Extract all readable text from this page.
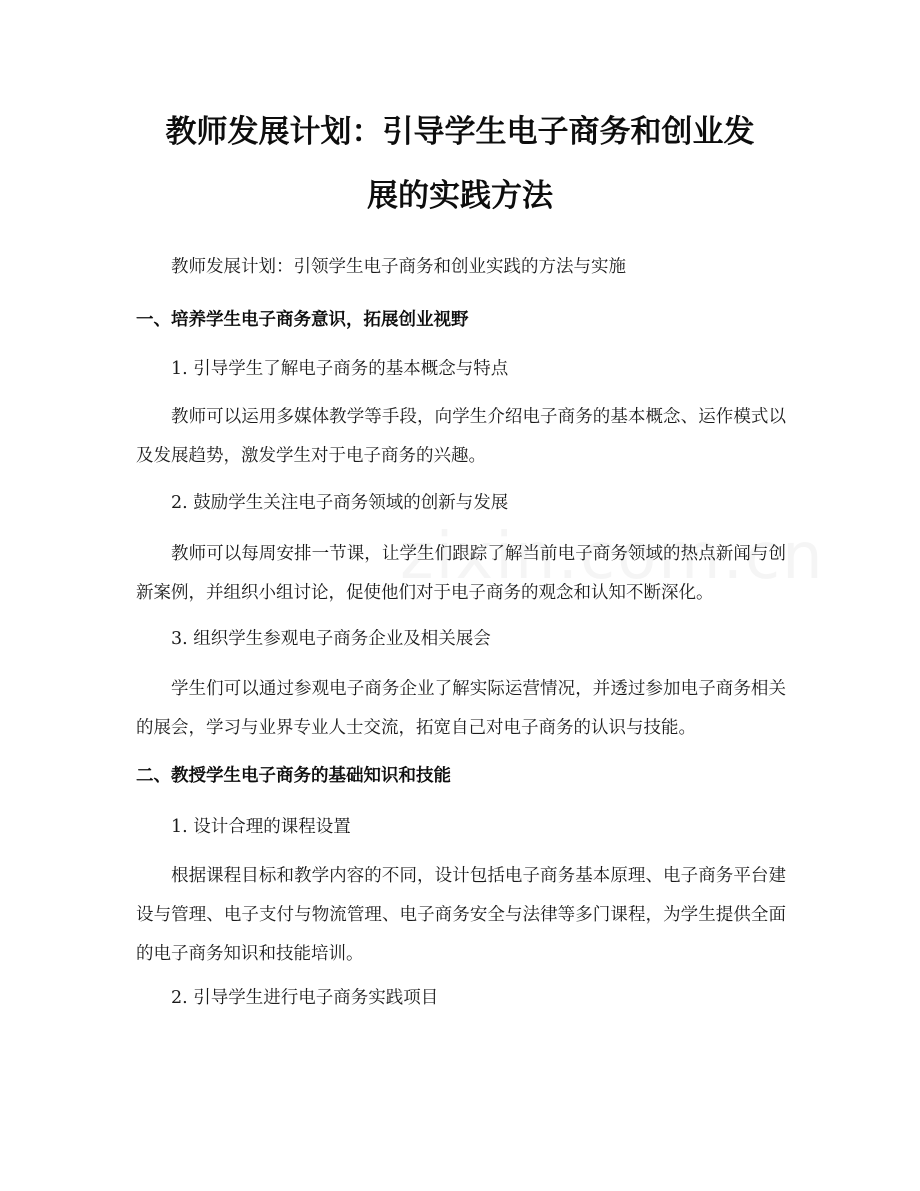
教师发展计划：引导学生电子商务和创业发
展的实践方法

教师发展计划：引领学生电子商务和创业实践的方法与实施

一、培养学生电子商务意识，拓展创业视野

1. 引导学生了解电子商务的基本概念与特点

教师可以运用多媒体教学等手段，向学生介绍电子商务的基本概念、运作模式以及发展趋势，激发学生对于电子商务的兴趣。

2. 鼓励学生关注电子商务领域的创新与发展

教师可以每周安排一节课，让学生们跟踪了解当前电子商务领域的热点新闻与创新案例，并组织小组讨论，促使他们对于电子商务的观念和认知不断深化。

3. 组织学生参观电子商务企业及相关展会

学生们可以通过参观电子商务企业了解实际运营情况，并透过参加电子商务相关的展会，学习与业界专业人士交流，拓宽自己对电子商务的认识与技能。

二、教授学生电子商务的基础知识和技能

1. 设计合理的课程设置

根据课程目标和教学内容的不同，设计包括电子商务基本原理、电子商务平台建设与管理、电子支付与物流管理、电子商务安全与法律等多门课程，为学生提供全面的电子商务知识和技能培训。

2. 引导学生进行电子商务实践项目
